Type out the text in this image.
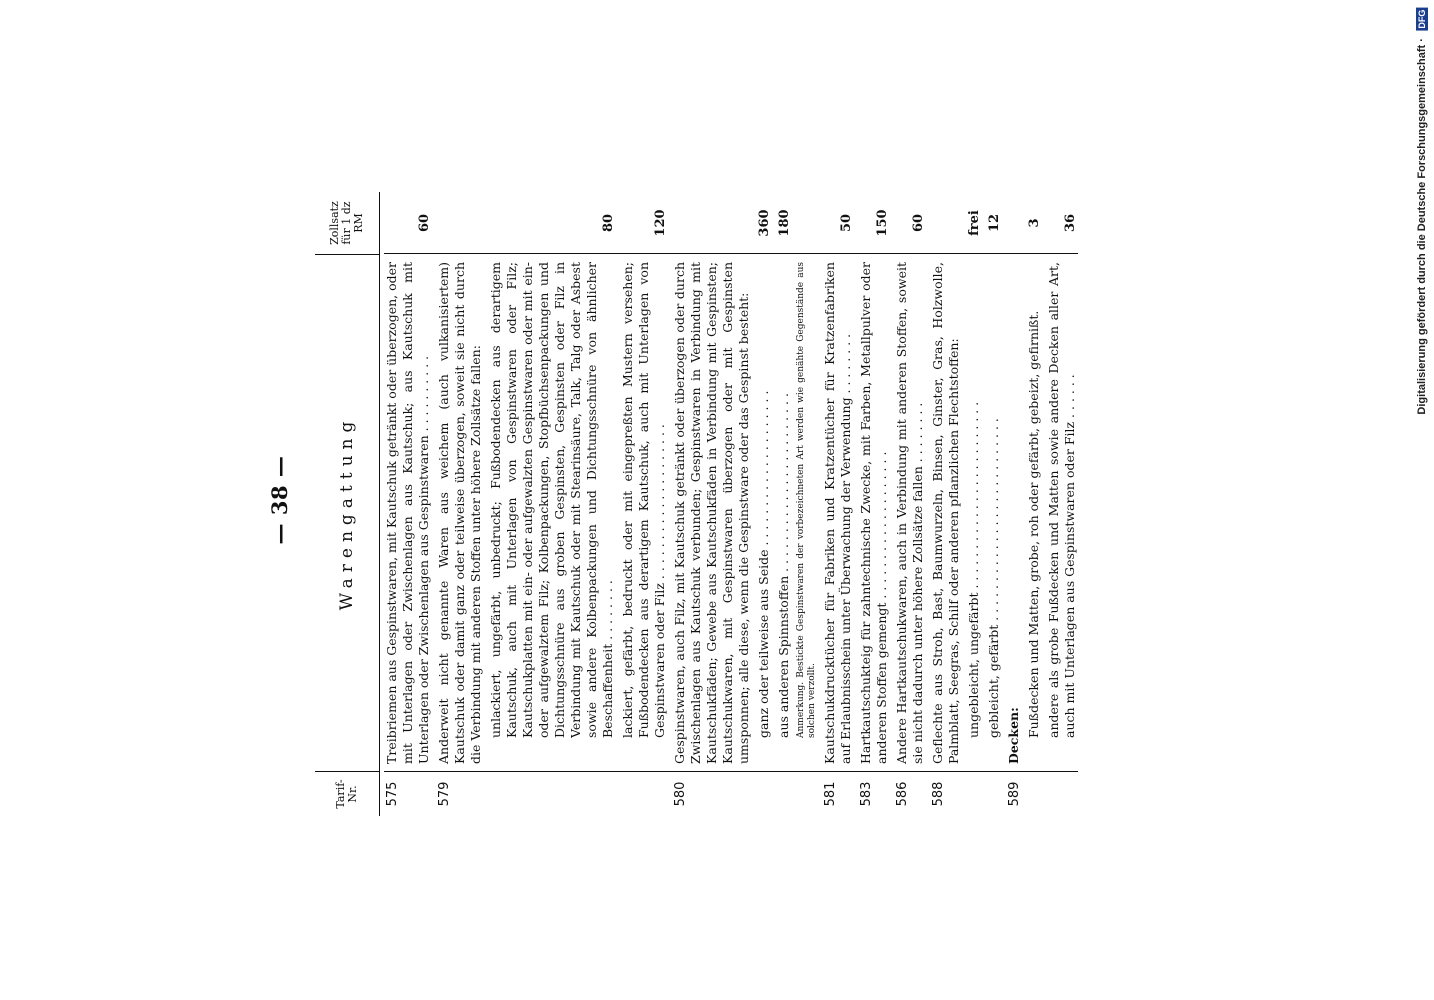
Digitalisierung gefördert durch die Deutsche Forschungsgemeinschaft · DFG
— 38 —
Tarif-
Nr.
Warengattung
Zollsatz
für 1 dz
RM
575
Treibriemen aus Gespinstwaren, mit Kautschuk getränkt oder überzogen, oder mit Unterlagen oder Zwischenlagen aus Kautschuk; aus Kautschuk mit Unterlagen oder Zwischenlagen aus Gespinstwaren . . . . . . . . . .
60
579
Anderweit nicht genannte Waren aus weichem (auch vulkanisiertem) Kautschuk oder damit ganz oder teilweise überzogen, soweit sie nicht durch die Verbindung mit anderen Stoffen unter höhere Zollsätze fallen: unlackiert, ungefärbt, unbedruckt; Fußbodendecken aus derartigem Kautschuk, auch mit Unterlagen von Gespinstwaren oder Filz; Kautschukplatten mit ein- oder aufgewalzten Gespinstwaren oder mit ein- oder aufgewalztem Filz; Kolbenpackungen, Stopfbüchsenpackungen und Dichtungsschnüre aus groben Gespinsten, Gespinsten oder Filz in Verbindung mit Kautschuk oder mit Stearinsäure, Talk, Talg oder Asbest sowie andere Kolbenpackungen und Dichtungsschnüre von ähnlicher Beschaffenheit . . . . . . . .
80
lackiert, gefärbt, bedruckt oder mit eingepreßten Mustern versehen; Fußbodendecken aus derartigem Kautschuk, auch mit Unterlagen von Gespinstwaren oder Filz . . . . . . . . . . . . . . . . . . . .
120
580
Gespinstwaren, auch Filz, mit Kautschuk getränkt oder überzogen oder durch Zwischenlagen aus Kautschuk verbunden; Gespinstwaren in Verbindung mit Kautschukfäden; Gewebe aus Kautschukfäden in Verbindung mit Gespinsten; Kautschukwaren, mit Gespinstwaren überzogen oder mit Gespinsten umsponnen; alle diese, wenn die Gespinstware oder das Gespinst besteht: ganz oder teilweise aus Seide . . . . . . . . . . . . . . . . . . . .
360
aus anderen Spinnstoffen . . . . . . . . . . . . . . . . . . . . . . .
180
Anmerkung. Bestickte Gespinstwaren der vorbezeichneten Art werden wie genähte Gegenstände aus solchen verzollt.
581
Kautschukdrucktücher für Fabriken und Kratzentücher für Kratzenfabriken auf Erlaubnisschein unter Überwachung der Verwendung . . . . . . . .
50
583
Hartkautschukteig für zahntechnische Zwecke, mit Farben, Metallpulver oder anderen Stoffen gemengt . . . . . . . . . . . . . . . . . . .
150
586
Andere Hartkautschukwaren, auch in Verbindung mit anderen Stoffen, soweit sie nicht dadurch unter höhere Zollsätze fallen . . . . . . . .
60
588
Geflechte aus Stroh, Bast, Baumwurzeln, Binsen, Ginster, Gras, Holzwolle, Palmblatt, Seegras, Schilf oder anderen pflanzlichen Flechtstoffen: ungebleicht, ungefärbt . . . . . . . . . . . . . . . . . . . . . . . .
frei
gebleicht, gefärbt . . . . . . . . . . . . . . . . . . . . . . . . . .
12
589
Decken: Fußdecken und Matten, grobe, roh oder gefärbt, gebeizt, gefirnißt.
3
andere als grobe Fußdecken und Matten sowie andere Decken aller Art, auch mit Unterlagen aus Gespinstwaren oder Filz . . . . . .
36
